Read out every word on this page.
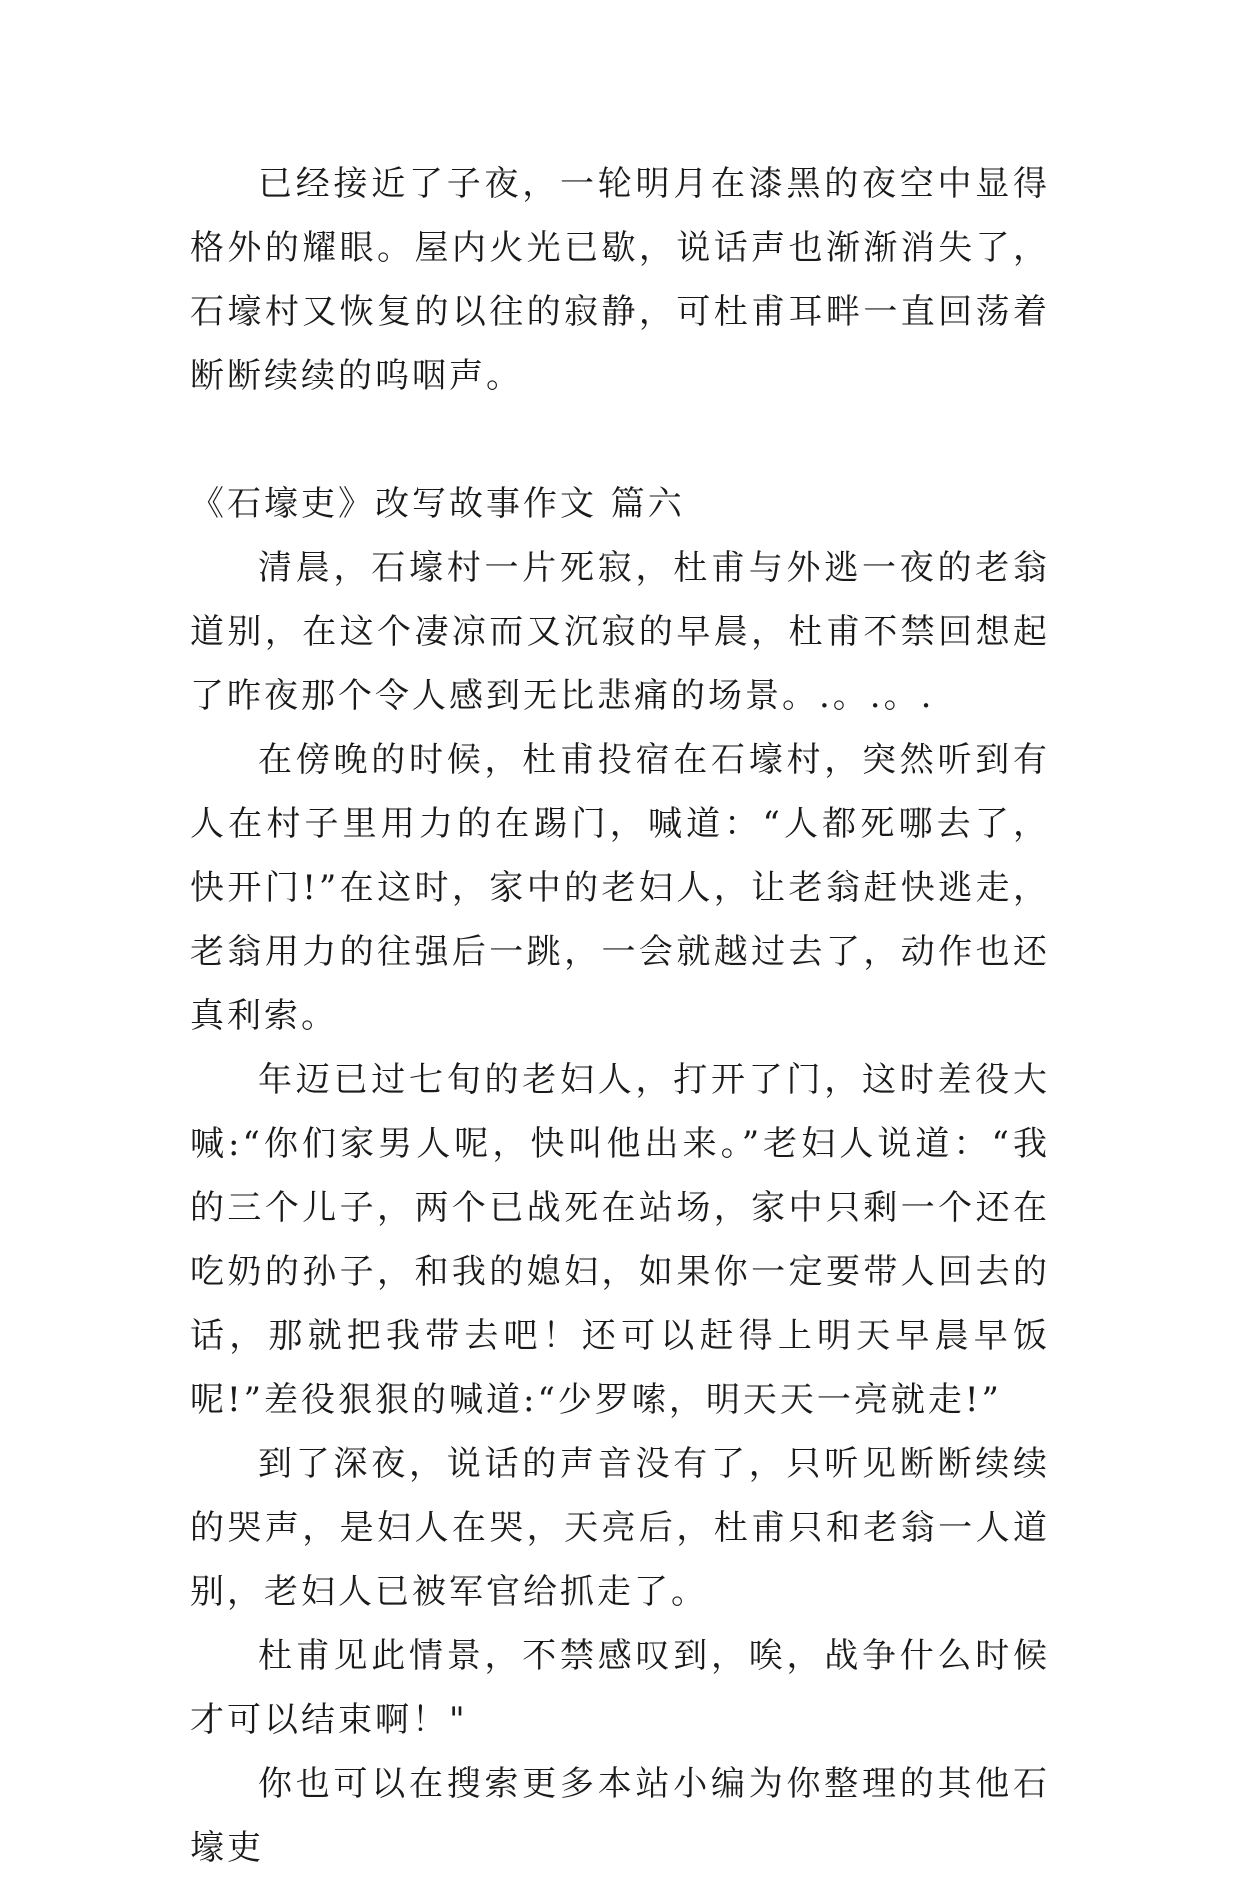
已经接近了子夜，一轮明月在漆黑的夜空中显得格外的耀眼。屋内火光已歇，说话声也渐渐消失了，石壕村又恢复的以往的寂静，可杜甫耳畔一直回荡着断断续续的呜咽声。

《石壕吏》改写故事作文 篇六

清晨，石壕村一片死寂，杜甫与外逃一夜的老翁道别，在这个凄凉而又沉寂的早晨，杜甫不禁回想起了昨夜那个令人感到无比悲痛的场景。.。.。.

在傍晚的时候，杜甫投宿在石壕村，突然听到有人在村子里用力的在踢门，喊道：“人都死哪去了，快开门!”在这时，家中的老妇人，让老翁赶快逃走，老翁用力的往强后一跳，一会就越过去了，动作也还真利索。

年迈已过七旬的老妇人，打开了门，这时差役大喊:“你们家男人呢，快叫他出来。”老妇人说道：“我的三个儿子，两个已战死在站场，家中只剩一个还在吃奶的孙子，和我的媳妇，如果你一定要带人回去的话，那就把我带去吧！还可以赶得上明天早晨早饭呢!”差役狠狠的喊道:“少罗嗦，明天天一亮就走!”

到了深夜，说话的声音没有了，只听见断断续续的哭声，是妇人在哭，天亮后，杜甫只和老翁一人道别，老妇人已被军官给抓走了。

杜甫见此情景，不禁感叹到，唉，战争什么时候才可以结束啊！"

你也可以在搜索更多本站小编为你整理的其他石壕吏
